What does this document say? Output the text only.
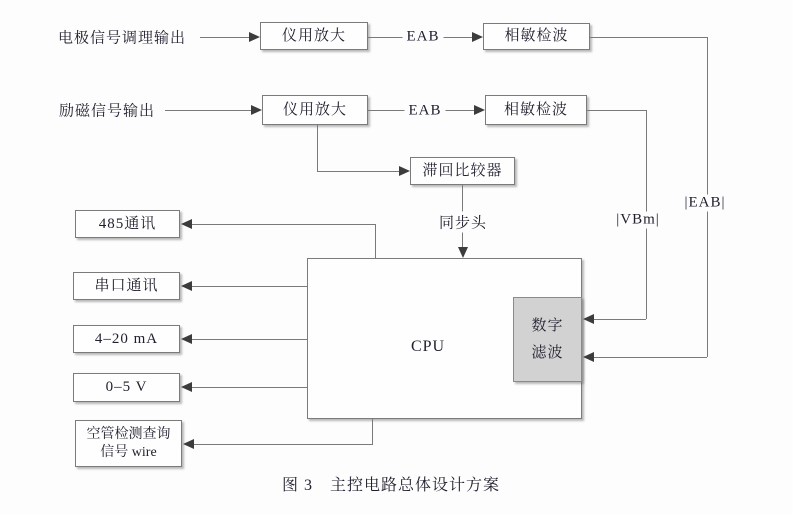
电极信号调理输出
励磁信号输出
仪用放大	相敏检波
仪用放大	相敏检波
滞回比较器
485通讯
串口通讯
4–20 mA
0–5 V
空管检测查询
信号 wire
CPU
数字
滤波
EAB
|EAB|
EAB
|VBm|
同步头
图 3　主控电路总体设计方案
